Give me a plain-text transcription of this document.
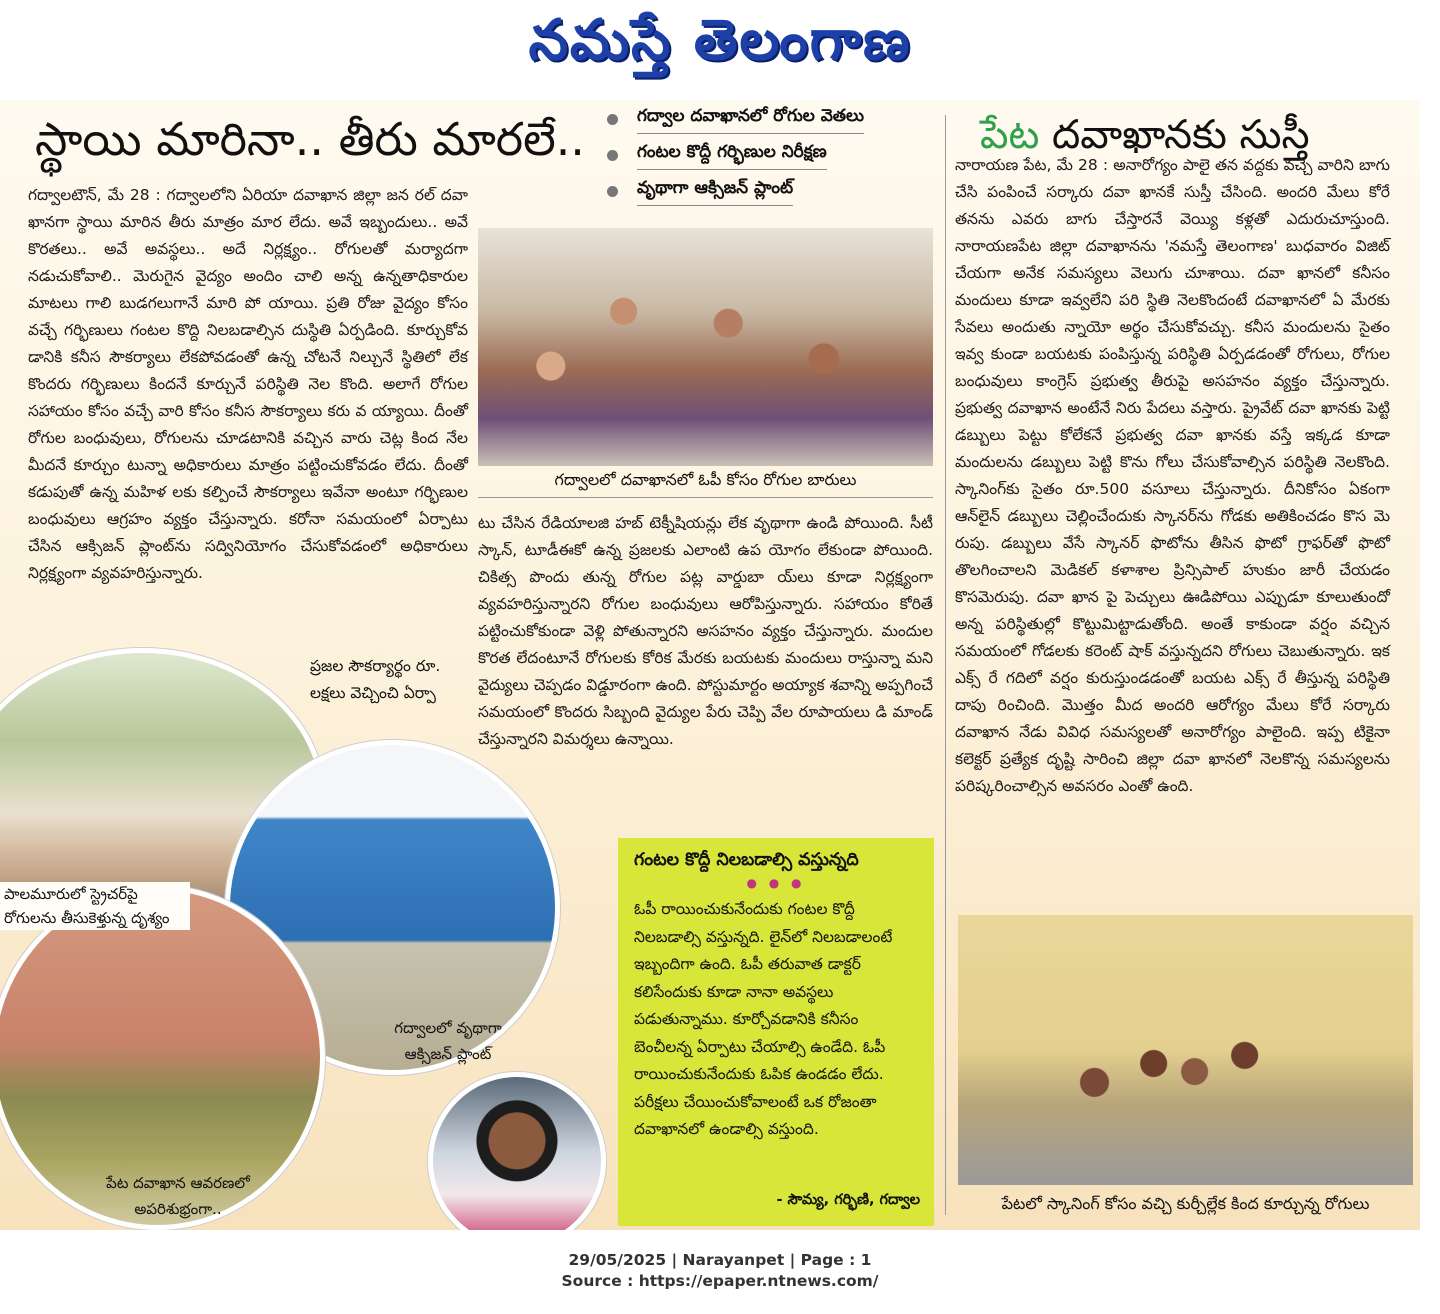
నమస్తే తెలంగాణ
స్థాయి మారినా.. తీరు మారలే..
గద్వాలటౌన్, మే 28 : గద్వాలలోని ఏరియా దవాఖాన జిల్లా జన రల్ దవా ఖానగా స్థాయి మారిన తీరు మాత్రం మార లేదు. అవే ఇబ్బందులు.. అవే కొరతలు.. అవే అవస్థలు.. అదే నిర్లక్ష్యం.. రోగులతో మర్యాదగా నడుచుకోవాలి.. మెరుగైన వైద్యం అందిం చాలి అన్న ఉన్నతాధికారుల మాటలు గాలి బుడగలుగానే మారి పో యాయి. ప్రతి రోజు వైద్యం కోసం వచ్చే గర్భిణులు గంటల కొద్ది నిలబడాల్సిన దుస్థితి ఏర్పడింది. కూర్చుకోవ డానికి కనీస సౌకర్యాలు లేకపోవడంతో ఉన్న చోటనే నిల్చునే స్థితిలో లేక కొందరు గర్భిణులు కిందనే కూర్చునే పరిస్థితి నెల కొంది. అలాగే రోగుల సహాయం కోసం వచ్చే వారి కోసం కనీస సౌకర్యాలు కరు వ య్యాయి. దీంతో రోగుల బంధువులు, రోగులను చూడటానికి వచ్చిన వారు చెట్ల కింద నేల మీదనే కూర్చుం టున్నా అధికారులు మాత్రం పట్టించుకోవడం లేదు. దీంతో కడుపుతో ఉన్న మహిళ లకు కల్పించే సౌకర్యాలు ఇవేనా అంటూ గర్భిణుల బంధువులు ఆగ్రహం వ్యక్తం చేస్తున్నారు. కరోనా సమయంలో ఏర్పాటు చేసిన ఆక్సిజన్ ప్లాంట్‌ను సద్వినియోగం చేసుకోవడంలో అధికారులు నిర్లక్ష్యంగా వ్యవహరిస్తున్నారు.
ప్రజల సౌకర్యార్థం రూ. లక్షలు వెచ్చించి ఏర్పా
పాలమూరులో స్ట్రెచర్‌పై రోగులను తీసుకెళ్తున్న దృశ్యం
గద్వాలలో వృథాగా ఆక్సిజన్ ప్లాంట్
పేట దవాఖాన ఆవరణలో అపరిశుభ్రంగా..
గద్వాల దవాఖానలో రోగుల వెతలు
గంటల కొద్దీ గర్భిణుల నిరీక్షణ
వృథాగా ఆక్సిజన్ ప్లాంట్
గద్వాలలో దవాఖానలో ఓపీ కోసం రోగుల బారులు
టు చేసిన రేడియాలజి హబ్ టెక్నీషియన్లు లేక వృథాగా ఉండి పోయింది. సీటీ స్కాన్, టూడీఈకో ఉన్న ప్రజలకు ఎలాంటి ఉప యోగం లేకుండా పోయింది. చికిత్స పొందు తున్న రోగుల పట్ల వార్డుబా య్‌లు కూడా నిర్లక్ష్యంగా వ్యవహరిస్తున్నారని రోగుల బంధువులు ఆరోపిస్తున్నారు. సహాయం కోరితే పట్టించుకోకుండా వెళ్లి పోతున్నారని అసహనం వ్యక్తం చేస్తున్నారు. మందుల కొరత లేదంటూనే రోగులకు కోరిక మేరకు బయటకు మందులు రాస్తున్నా మని వైద్యులు చెప్పడం విడ్డూరంగా ఉంది. పోస్టుమార్టం అయ్యాక శవాన్ని అప్పగించే సమయంలో కొందరు సిబ్బంది వైద్యుల పేరు చెప్పి వేల రూపాయలు డి మాండ్ చేస్తున్నారని విమర్శలు ఉన్నాయి.
గంటల కొద్దీ నిలబడాల్సి వస్తున్నది
● ● ●
ఓపీ రాయించుకునేందుకు గంటల కొద్దీ నిలబడాల్సి వస్తున్నది. లైన్‌లో నిలబడాలంటే ఇబ్బందిగా ఉంది. ఓపీ తరువాత డాక్టర్ కలిసేందుకు కూడా నానా అవస్థలు పడుతున్నాము. కూర్చోవడానికి కనీసం బెంచీలన్న ఏర్పాటు చేయాల్సి ఉండేది. ఓపీ రాయించుకునేందుకు ఓపిక ఉండడం లేదు. పరీక్షలు చేయించుకోవాలంటే ఒక రోజంతా దవాఖానలో ఉండాల్సి వస్తుంది.
- సౌమ్య, గర్భిణి, గద్వాల
పేట దవాఖానకు సుస్తీ
నారాయణ పేట, మే 28 : అనారోగ్యం పాలై తన వద్దకు వచ్చే వారిని బాగు చేసి పంపించే సర్కారు దవా ఖానకే సుస్తీ చేసింది. అందరి మేలు కోరే తనను ఎవరు బాగు చేస్తారనే వెయ్యి కళ్లతో ఎదురుచూస్తుంది. నారాయణపేట జిల్లా దవాఖానను 'నమస్తే తెలంగాణ' బుధవారం విజిట్ చేయగా అనేక సమస్యలు వెలుగు చూశాయి. దవా ఖానలో కనీసం మందులు కూడా ఇవ్వలేని పరి స్థితి నెలకొందంటే దవాఖానలో ఏ మేరకు సేవలు అందుతు న్నాయో అర్థం చేసుకోవచ్చు. కనీస మందులను సైతం ఇవ్వ కుండా బయటకు పంపిస్తున్న పరిస్థితి ఏర్పడడంతో రోగులు, రోగుల బంధువులు కాంగ్రెస్ ప్రభుత్వ తీరుపై అసహనం వ్యక్తం చేస్తున్నారు. ప్రభుత్వ దవాఖాన అంటేనే నిరు పేదలు వస్తారు. ప్రైవేట్ దవా ఖానకు పెట్టి డబ్బులు పెట్టు కోలేకనే ప్రభుత్వ దవా ఖానకు వస్తే ఇక్కడ కూడా మందులను డబ్బులు పెట్టి కొను గోలు చేసుకోవాల్సిన పరిస్థితి నెలకొంది. స్కానింగ్‌కు సైతం రూ.500 వసూలు చేస్తున్నారు. దీనికోసం ఏకంగా ఆన్‌లైన్ డబ్బులు చెల్లించేందుకు స్కానర్‌ను గోడకు అతికించడం కొస మె రుపు. డబ్బులు వేసే స్కానర్ ఫొటోను తీసిన ఫొటో గ్రాఫర్‌తో ఫొటో తొలగించాలని మెడికల్ కళాశాల ప్రిన్సిపాల్ హుకుం జారీ చేయడం కొసమెరుపు. దవా ఖాన పై పెచ్చులు ఊడిపోయి ఎప్పుడూ కూలుతుందో అన్న పరిస్థితుల్లో కొట్టుమిట్టాడుతోంది. అంతే కాకుండా వర్షం వచ్చిన సమయంలో గోడలకు కరెంట్ షాక్ వస్తున్నదని రోగులు చెబుతున్నారు. ఇక ఎక్స్ రే గదిలో వర్షం కురుస్తుండడంతో బయట ఎక్స్ రే తీస్తున్న పరిస్థితి దాపు రించింది. మొత్తం మీద అందరి ఆరోగ్యం మేలు కోరే సర్కారు దవాఖాన నేడు వివిధ సమస్యలతో అనారోగ్యం పాలైంది. ఇప్ప టికైనా కలెక్టర్ ప్రత్యేక దృష్టి సారించి జిల్లా దవా ఖానలో నెలకొన్న సమస్యలను పరిష్కరించాల్సిన అవసరం ఎంతో ఉంది.
పేటలో స్కానింగ్ కోసం వచ్చి కుర్చీల్లేక కింద కూర్చున్న రోగులు
29/05/2025 | Narayanpet | Page : 1
Source : https://epaper.ntnews.com/
